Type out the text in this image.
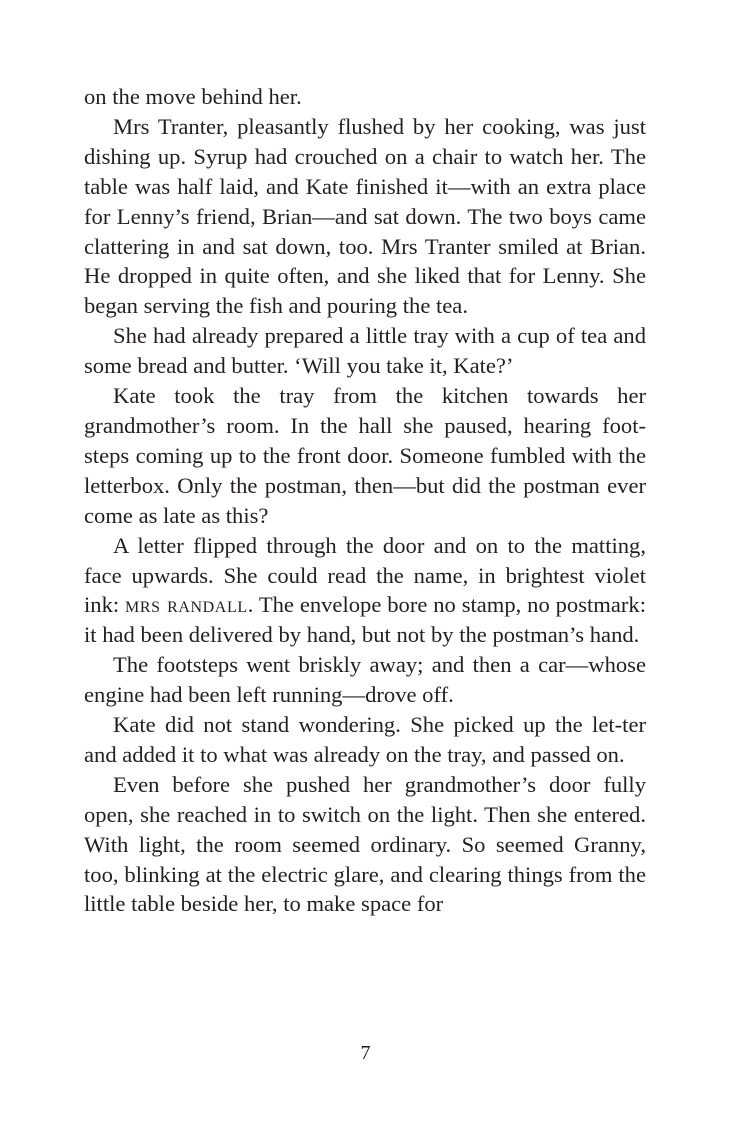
on the move behind her.

Mrs Tranter, pleasantly flushed by her cooking, was just dishing up. Syrup had crouched on a chair to watch her. The table was half laid, and Kate finished it—with an extra place for Lenny’s friend, Brian—and sat down. The two boys came clattering in and sat down, too. Mrs Tranter smiled at Brian. He dropped in quite often, and she liked that for Lenny. She began serving the fish and pouring the tea.

She had already prepared a little tray with a cup of tea and some bread and butter. ‘Will you take it, Kate?’

Kate took the tray from the kitchen towards her grandmother’s room. In the hall she paused, hearing foot-steps coming up to the front door. Someone fumbled with the letterbox. Only the postman, then—but did the postman ever come as late as this?

A letter flipped through the door and on to the matting, face upwards. She could read the name, in brightest violet ink: mrs randall. The envelope bore no stamp, no postmark: it had been delivered by hand, but not by the postman’s hand.

The footsteps went briskly away; and then a car—whose engine had been left running—drove off.

Kate did not stand wondering. She picked up the let-ter and added it to what was already on the tray, and passed on.

Even before she pushed her grandmother’s door fully open, she reached in to switch on the light. Then she entered. With light, the room seemed ordinary. So seemed Granny, too, blinking at the electric glare, and clearing things from the little table beside her, to make space for

7
